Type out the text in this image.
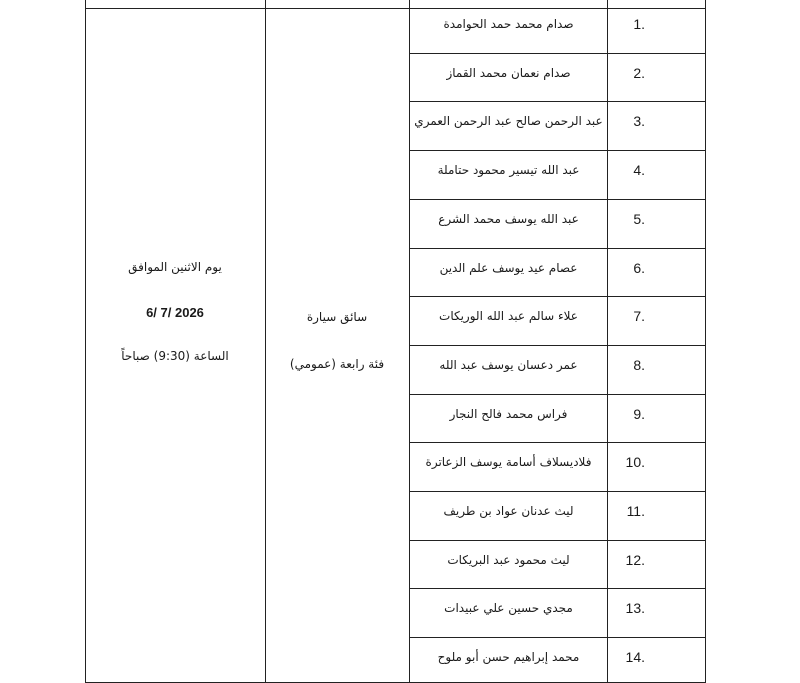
صدام محمد حمد الحوامدة	1.
صدام نعمان محمد القماز	2.
عبد الرحمن صالح عبد الرحمن العمري	3.
عبد الله تيسير محمود حتاملة	4.
عبد الله يوسف محمد الشرع	5.
عصام عيد يوسف علم الدين	6.
علاء سالم عبد الله الوريكات	7.
عمر دعسان يوسف عبد الله	8.
فراس محمد فالح النجار	9.
فلاديسلاف أسامة يوسف الزعاترة	10.
ليث عدنان عواد بن طريف	11.
ليث محمود عبد البريكات	12.
مجدي حسين علي عبيدات	13.
محمد إبراهيم حسن أبو ملوح	14.
يوم الاثنين الموافق
6/ 7/ 2026
الساعة (9:30) صباحاً
سائق سيارة
فئة رابعة (عمومي)
